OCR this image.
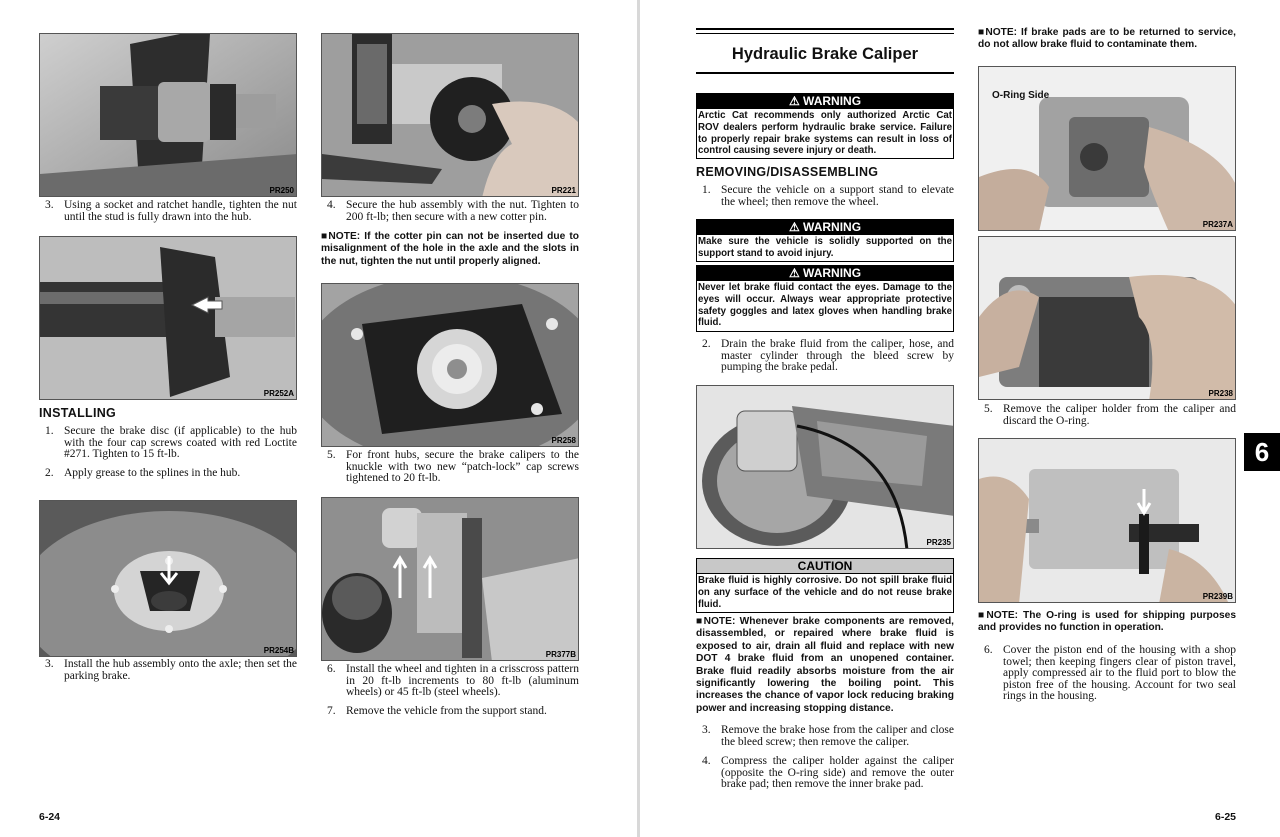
PR250
3. Using a socket and ratchet handle, tighten the nut until the stud is fully drawn into the hub.
PR252A
INSTALLING
1. Secure the brake disc (if applicable) to the hub with the four cap screws coated with red Loctite #271. Tighten to 15 ft-lb.
2. Apply grease to the splines in the hub.
PR254B
3. Install the hub assembly onto the axle; then set the parking brake.
PR221
4. Secure the hub assembly with the nut. Tighten to 200 ft-lb; then secure with a new cotter pin.
■NOTE: If the cotter pin can not be inserted due to misalignment of the hole in the axle and the slots in the nut, tighten the nut until properly aligned.
PR258
5. For front hubs, secure the brake calipers to the knuckle with two new “patch-lock” cap screws tightened to 20 ft-lb.
PR377B
6. Install the wheel and tighten in a crisscross pattern in 20 ft-lb increments to 80 ft-lb (aluminum wheels) or 45 ft-lb (steel wheels).
7. Remove the vehicle from the support stand.
6-24
Hydraulic Brake Caliper
⚠ WARNING
Arctic Cat recommends only authorized Arctic Cat ROV dealers perform hydraulic brake service. Failure to properly repair brake systems can result in loss of control causing severe injury or death.
REMOVING/DISASSEMBLING
1. Secure the vehicle on a support stand to elevate the wheel; then remove the wheel.
⚠ WARNING
Make sure the vehicle is solidly supported on the support stand to avoid injury.
⚠ WARNING
Never let brake fluid contact the eyes. Damage to the eyes will occur. Always wear appropriate protective safety goggles and latex gloves when handling brake fluid.
2. Drain the brake fluid from the caliper, hose, and master cylinder through the bleed screw by pumping the brake pedal.
PR235
CAUTION
Brake fluid is highly corrosive. Do not spill brake fluid on any surface of the vehicle and do not reuse brake fluid.
■NOTE: Whenever brake components are removed, disassembled, or repaired where brake fluid is exposed to air, drain all fluid and replace with new DOT 4 brake fluid from an unopened container. Brake fluid readily absorbs moisture from the air significantly lowering the boiling point. This increases the chance of vapor lock reducing braking power and increasing stopping distance.
3. Remove the brake hose from the caliper and close the bleed screw; then remove the caliper.
4. Compress the caliper holder against the caliper (opposite the O-ring side) and remove the outer brake pad; then remove the inner brake pad.
■NOTE: If brake pads are to be returned to service, do not allow brake fluid to contaminate them.
O-Ring Side
PR237A
PR238
5. Remove the caliper holder from the caliper and discard the O-ring.
PR239B
■NOTE: The O-ring is used for shipping purposes and provides no function in operation.
6. Cover the piston end of the housing with a shop towel; then keeping fingers clear of piston travel, apply compressed air to the fluid port to blow the piston free of the housing. Account for two seal rings in the housing.
6
6-25
